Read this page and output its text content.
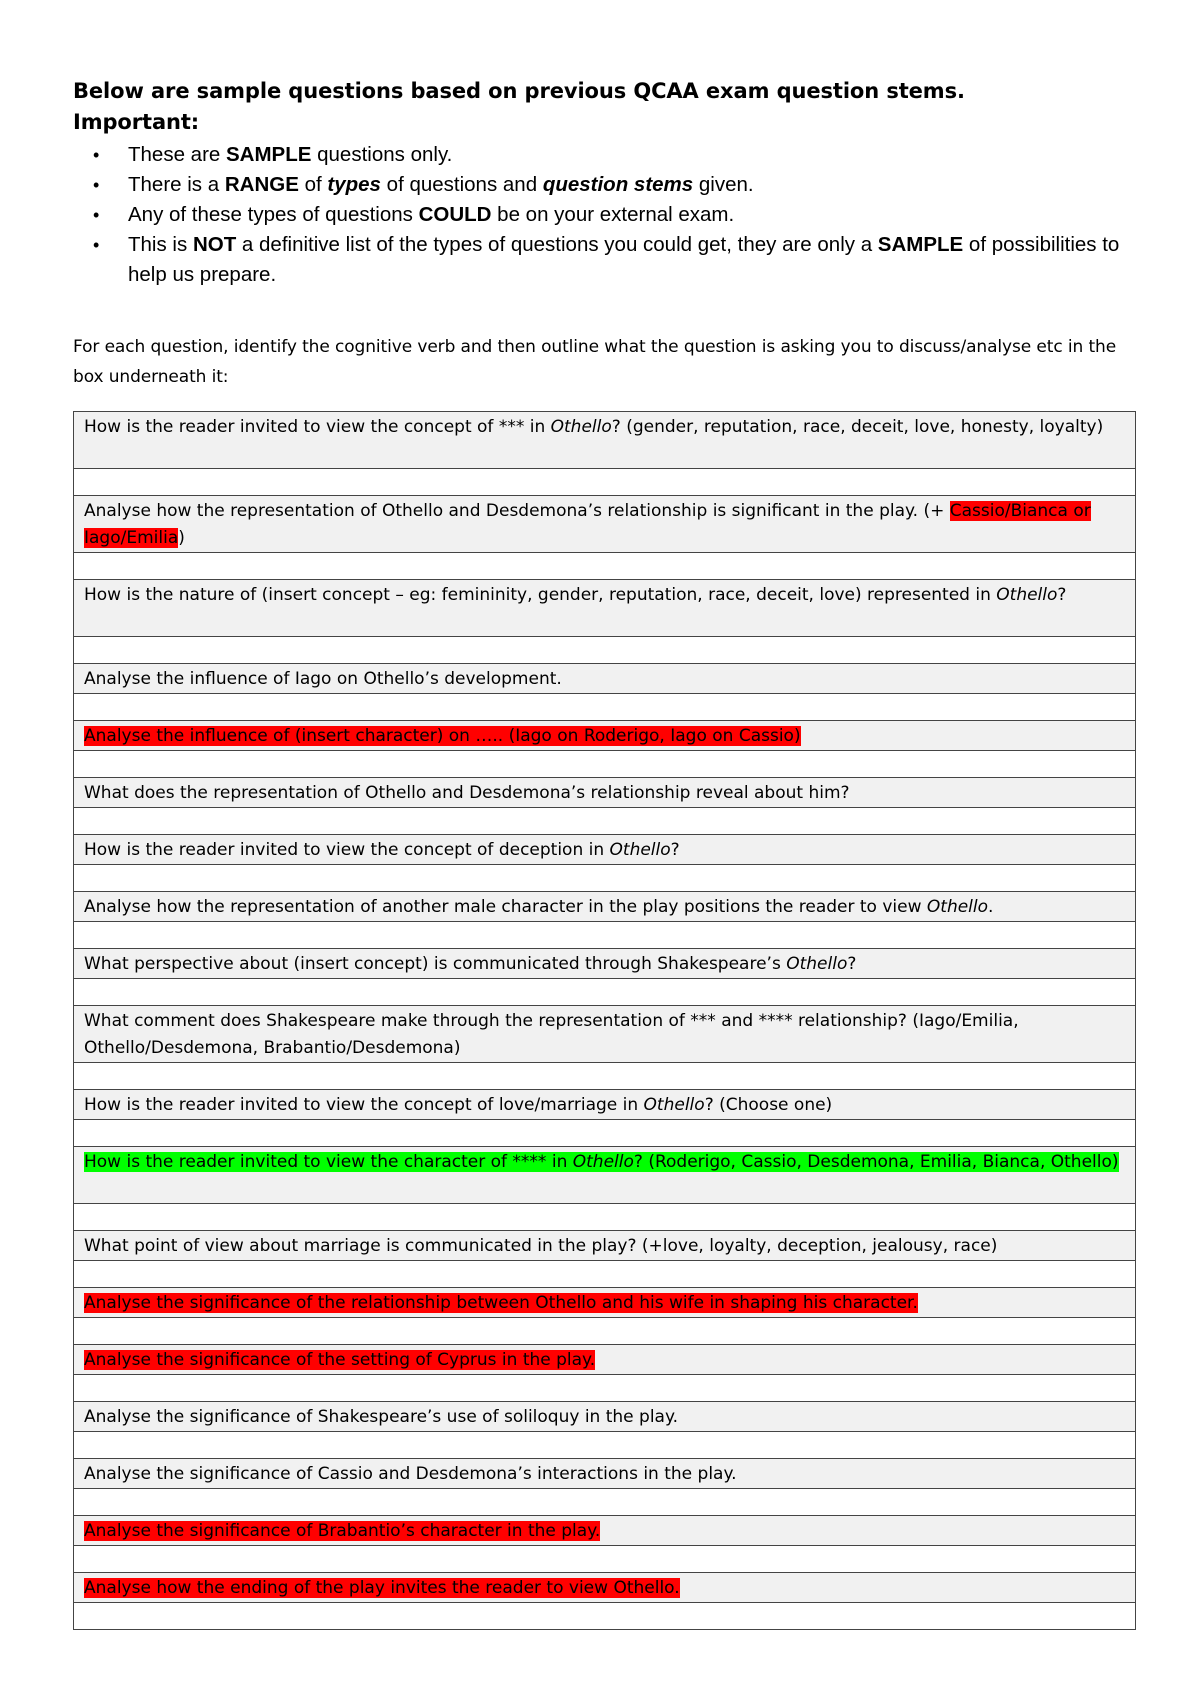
Below are sample questions based on previous QCAA exam question stems.

Important:

• These are SAMPLE questions only.
• There is a RANGE of types of questions and question stems given.
• Any of these types of questions COULD be on your external exam.
• This is NOT a definitive list of the types of questions you could get, they are only a SAMPLE of possibilities to help us prepare.

For each question, identify the cognitive verb and then outline what the question is asking you to discuss/analyse etc in the box underneath it:

How is the reader invited to view the concept of *** in Othello? (gender, reputation, race, deceit, love, honesty, loyalty)

Analyse how the representation of Othello and Desdemona’s relationship is significant in the play. (+ Cassio/Bianca or Iago/Emilia)

How is the nature of (insert concept – eg: femininity, gender, reputation, race, deceit, love) represented in Othello?

Analyse the influence of Iago on Othello’s development.

Analyse the influence of (insert character) on ….. (Iago on Roderigo, Iago on Cassio)

What does the representation of Othello and Desdemona’s relationship reveal about him?

How is the reader invited to view the concept of deception in Othello?

Analyse how the representation of another male character in the play positions the reader to view Othello.

What perspective about (insert concept) is communicated through Shakespeare’s Othello?

What comment does Shakespeare make through the representation of *** and **** relationship? (Iago/Emilia, Othello/Desdemona, Brabantio/Desdemona)

How is the reader invited to view the concept of love/marriage in Othello? (Choose one)

How is the reader invited to view the character of **** in Othello? (Roderigo, Cassio, Desdemona, Emilia, Bianca, Othello)

What point of view about marriage is communicated in the play? (+love, loyalty, deception, jealousy, race)

Analyse the significance of the relationship between Othello and his wife in shaping his character.

Analyse the significance of the setting of Cyprus in the play.

Analyse the significance of Shakespeare’s use of soliloquy in the play.

Analyse the significance of Cassio and Desdemona’s interactions in the play.

Analyse the significance of Brabantio’s character in the play.

Analyse how the ending of the play invites the reader to view Othello.
